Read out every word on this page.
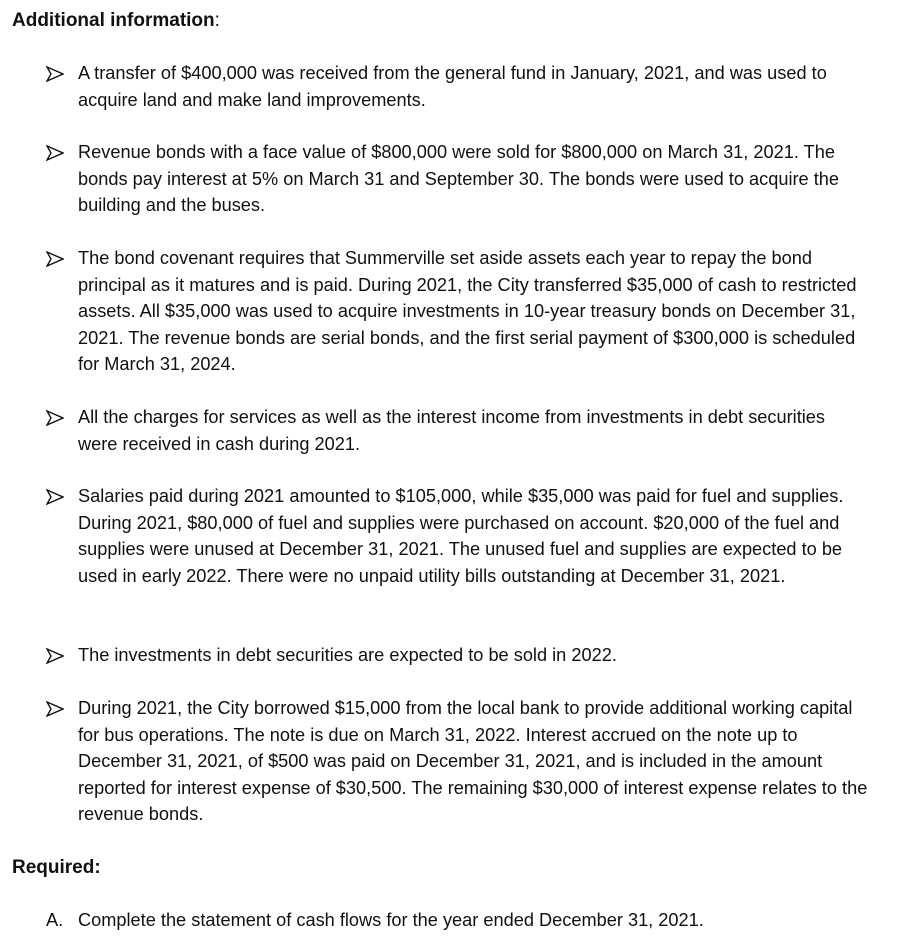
Additional information:

A transfer of $400,000 was received from the general fund in January, 2021, and was used to acquire land and make land improvements.

Revenue bonds with a face value of $800,000 were sold for $800,000 on March 31, 2021. The bonds pay interest at 5% on March 31 and September 30. The bonds were used to acquire the building and the buses.

The bond covenant requires that Summerville set aside assets each year to repay the bond principal as it matures and is paid. During 2021, the City transferred $35,000 of cash to restricted assets. All $35,000 was used to acquire investments in 10-year treasury bonds on December 31, 2021. The revenue bonds are serial bonds, and the first serial payment of $300,000 is scheduled for March 31, 2024.

All the charges for services as well as the interest income from investments in debt securities were received in cash during 2021.

Salaries paid during 2021 amounted to $105,000, while $35,000 was paid for fuel and supplies. During 2021, $80,000 of fuel and supplies were purchased on account. $20,000 of the fuel and supplies were unused at December 31, 2021. The unused fuel and supplies are expected to be used in early 2022. There were no unpaid utility bills outstanding at December 31, 2021.

The investments in debt securities are expected to be sold in 2022.

During 2021, the City borrowed $15,000 from the local bank to provide additional working capital for bus operations. The note is due on March 31, 2022. Interest accrued on the note up to December 31, 2021, of $500 was paid on December 31, 2021, and is included in the amount reported for interest expense of $30,500. The remaining $30,000 of interest expense relates to the revenue bonds.

Required:
A. Complete the statement of cash flows for the year ended December 31, 2021.
